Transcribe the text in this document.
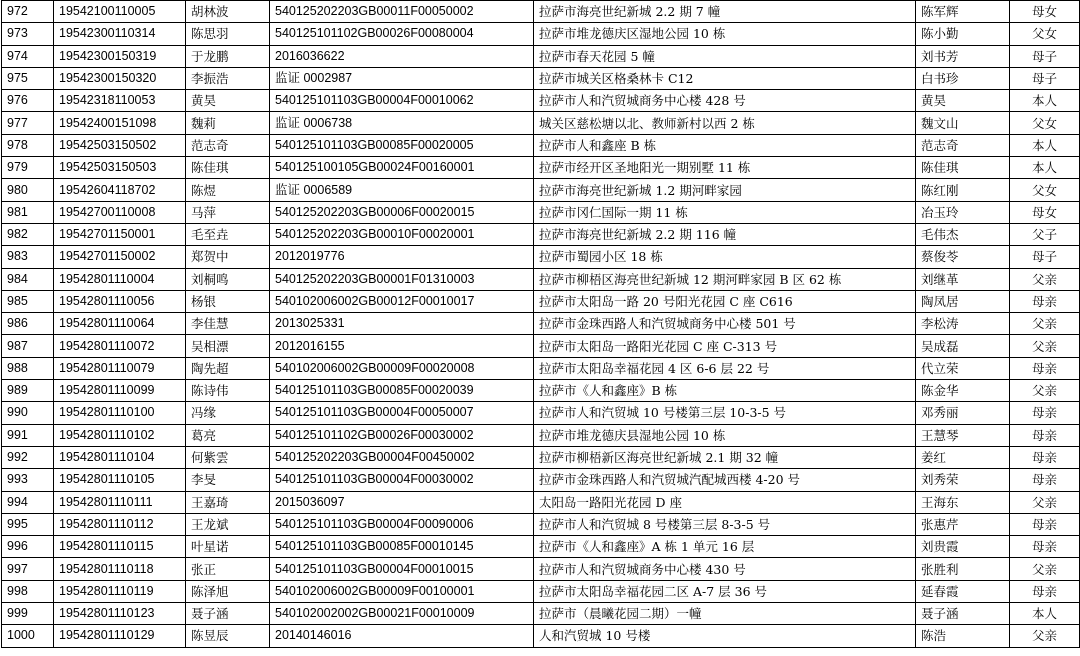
972	19542100110005	胡林波	540125202203GB00011F00050002	拉萨市海亮世纪新城 2.2 期 7 幢	陈军辉	母女
973	19542300110314	陈思羽	540125101102GB00026F00080004	拉萨市堆龙德庆区湿地公园 10 栋	陈小勤	父女
974	19542300150319	于龙鹏	2016036622	拉萨市春天花园 5 幢	刘书芳	母子
975	19542300150320	李振浩	监证 0002987	拉萨市城关区格桑林卡 C12	白书珍	母子
976	19542318110053	黄昊	540125101103GB00004F00010062	拉萨市人和汽贸城商务中心楼 428 号	黄昊	本人
977	19542400151098	魏莉	监证 0006738	城关区慈松塘以北、教师新村以西 2 栋	魏文山	父女
978	19542503150502	范志奇	540125101103GB00085F00020005	拉萨市人和鑫座 B 栋	范志奇	本人
979	19542503150503	陈佳琪	540125100105GB00024F00160001	拉萨市经开区圣地阳光一期别墅 11 栋	陈佳琪	本人
980	19542604118702	陈煜	监证 0006589	拉萨市海亮世纪新城 1.2 期河畔家园	陈红刚	父女
981	19542700110008	马萍	540125202203GB00006F00020015	拉萨市冈仁国际一期 11 栋	冶玉玲	母女
982	19542701150001	毛至垚	540125202203GB00010F00020001	拉萨市海亮世纪新城 2.2 期 116 幢	毛伟杰	父子
983	19542701150002	郑贺中	2012019776	拉萨市蜀园小区 18 栋	蔡俊苓	母子
984	19542801110004	刘桐鸣	540125202203GB00001F01310003	拉萨市柳梧区海亮世纪新城 12 期河畔家园 B 区 62 栋	刘继革	父亲
985	19542801110056	杨银	540102006002GB00012F00010017	拉萨市太阳岛一路 20 号阳光花园 C 座 C616	陶凤居	母亲
986	19542801110064	李佳慧	2013025331	拉萨市金珠西路人和汽贸城商务中心楼 501 号	李松涛	父亲
987	19542801110072	吴相漂	2012016155	拉萨市太阳岛一路阳光花园 C 座 C-313 号	吴成磊	父亲
988	19542801110079	陶先超	540102006002GB00009F00020008	拉萨市太阳岛幸福花园 4 区 6-6 层 22 号	代立荣	母亲
989	19542801110099	陈诗伟	540125101103GB00085F00020039	拉萨市《人和鑫座》B 栋	陈金华	父亲
990	19542801110100	冯缘	540125101103GB00004F00050007	拉萨市人和汽贸城 10 号楼第三层 10-3-5 号	邓秀丽	母亲
991	19542801110102	葛亮	540125101102GB00026F00030002	拉萨市堆龙德庆县湿地公园 10 栋	王慧琴	母亲
992	19542801110104	何紫雲	540125202203GB00004F00450002	拉萨市柳梧新区海亮世纪新城 2.1 期 32 幢	姜红	母亲
993	19542801110105	李旻	540125101103GB00004F00030002	拉萨市金珠西路人和汽贸城汽配城西楼 4-20 号	刘秀荣	母亲
994	19542801110111	王嘉琦	2015036097	太阳岛一路阳光花园 D 座	王海东	父亲
995	19542801110112	王龙斌	540125101103GB00004F00090006	拉萨市人和汽贸城 8 号楼第三层 8-3-5 号	张惠芹	母亲
996	19542801110115	叶星诺	540125101103GB00085F00010145	拉萨市《人和鑫座》A 栋 1 单元 16 层	刘贵霞	母亲
997	19542801110118	张正	540125101103GB00004F00010015	拉萨市人和汽贸城商务中心楼 430 号	张胜利	父亲
998	19542801110119	陈泽旭	540102006002GB00009F00100001	拉萨市太阳岛幸福花园二区 A-7 层 36 号	延春霞	母亲
999	19542801110123	聂子涵	540102002002GB00021F00010009	拉萨市（晨曦花园二期）一幢	聂子涵	本人
1000	19542801110129	陈昱辰	20140146016	人和汽贸城 10 号楼	陈浩	父亲
